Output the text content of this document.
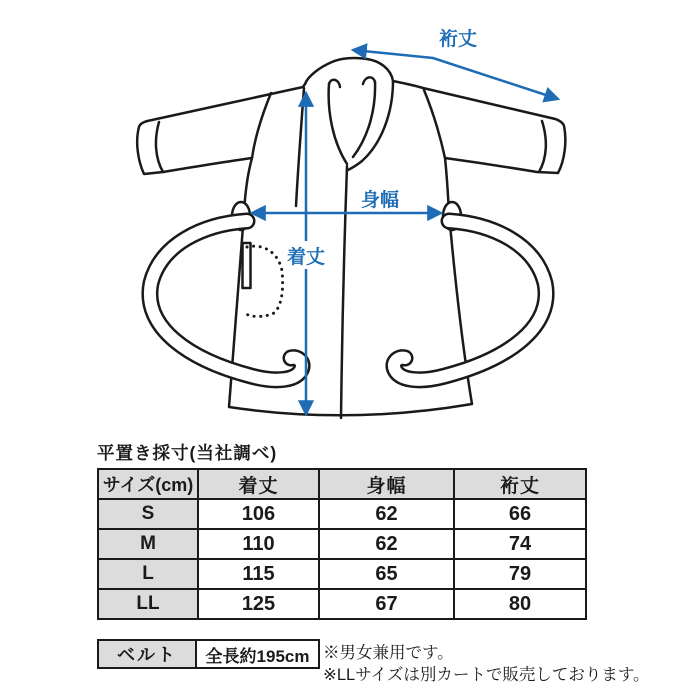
裄丈
身幅
着丈
平置き採寸(当社調べ)
サイズ(cm)	着丈	身幅	裄丈
S	106	62	66
M	110	62	74
L	115	65	79
LL	125	67	80
ベルト	全長約195cm ※男女兼用です。
※LLサイズは別カートで販売しております。
